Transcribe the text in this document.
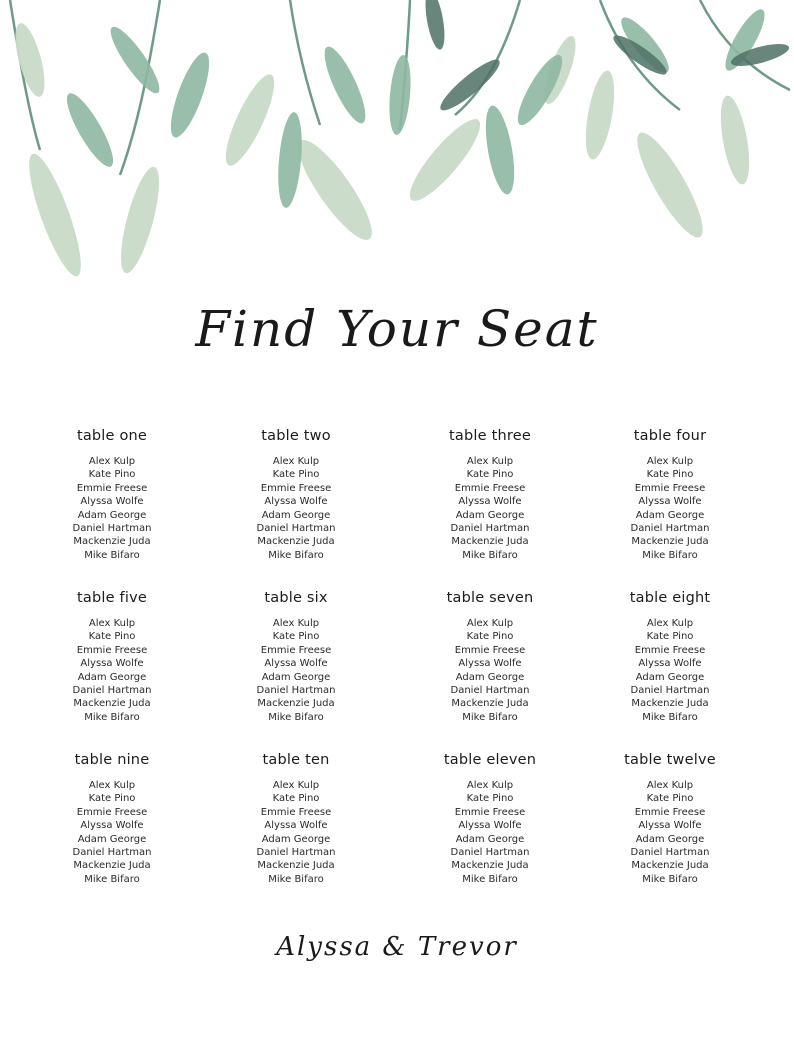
Find Your Seat
table one
Alex Kulp
Kate Pino
Emmie Freese
Alyssa Wolfe
Adam George
Daniel Hartman
Mackenzie Juda
Mike Bifaro
table two
Alex Kulp
Kate Pino
Emmie Freese
Alyssa Wolfe
Adam George
Daniel Hartman
Mackenzie Juda
Mike Bifaro
table three
Alex Kulp
Kate Pino
Emmie Freese
Alyssa Wolfe
Adam George
Daniel Hartman
Mackenzie Juda
Mike Bifaro
table four
Alex Kulp
Kate Pino
Emmie Freese
Alyssa Wolfe
Adam George
Daniel Hartman
Mackenzie Juda
Mike Bifaro
table five
Alex Kulp
Kate Pino
Emmie Freese
Alyssa Wolfe
Adam George
Daniel Hartman
Mackenzie Juda
Mike Bifaro
table six
Alex Kulp
Kate Pino
Emmie Freese
Alyssa Wolfe
Adam George
Daniel Hartman
Mackenzie Juda
Mike Bifaro
table seven
Alex Kulp
Kate Pino
Emmie Freese
Alyssa Wolfe
Adam George
Daniel Hartman
Mackenzie Juda
Mike Bifaro
table eight
Alex Kulp
Kate Pino
Emmie Freese
Alyssa Wolfe
Adam George
Daniel Hartman
Mackenzie Juda
Mike Bifaro
table nine
Alex Kulp
Kate Pino
Emmie Freese
Alyssa Wolfe
Adam George
Daniel Hartman
Mackenzie Juda
Mike Bifaro
table ten
Alex Kulp
Kate Pino
Emmie Freese
Alyssa Wolfe
Adam George
Daniel Hartman
Mackenzie Juda
Mike Bifaro
table eleven
Alex Kulp
Kate Pino
Emmie Freese
Alyssa Wolfe
Adam George
Daniel Hartman
Mackenzie Juda
Mike Bifaro
table twelve
Alex Kulp
Kate Pino
Emmie Freese
Alyssa Wolfe
Adam George
Daniel Hartman
Mackenzie Juda
Mike Bifaro
Alyssa & Trevor
